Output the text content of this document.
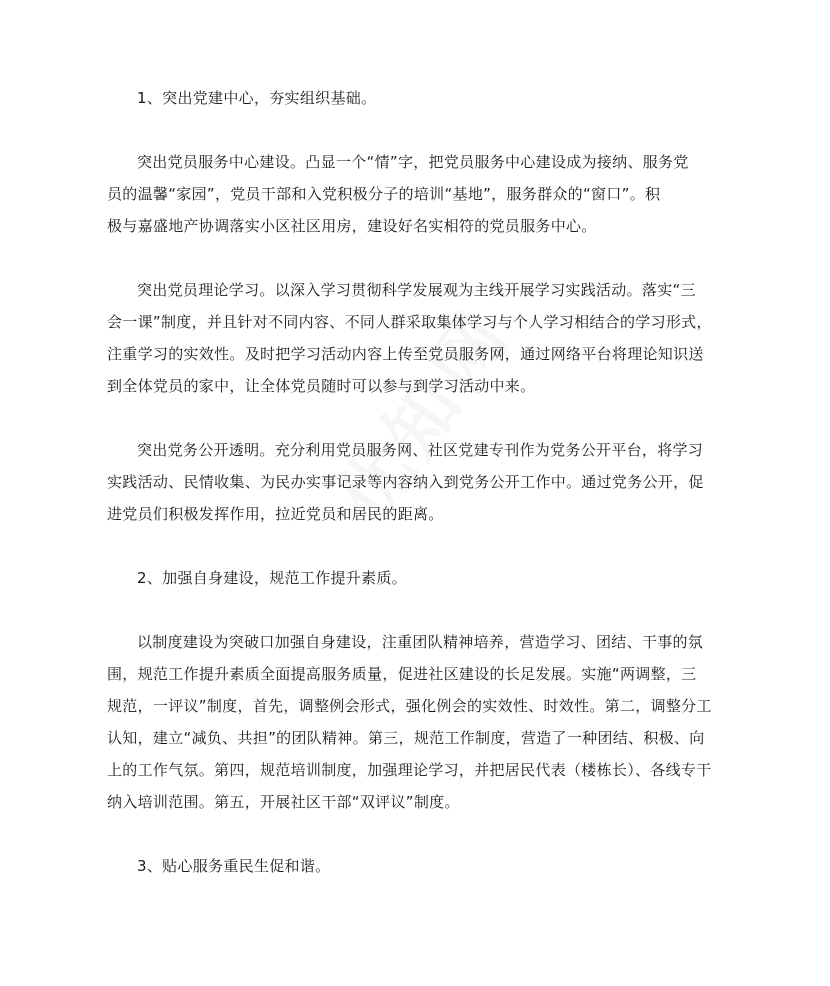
1、突出党建中心，夯实组织基础。
突出党员服务中心建设。凸显一个“情”字，把党员服务中心建设成为接纳、服务党
员的温馨“家园”，党员干部和入党积极分子的培训“基地”，服务群众的“窗口”。积
极与嘉盛地产协调落实小区社区用房，建设好名实相符的党员服务中心。
突出党员理论学习。以深入学习贯彻科学发展观为主线开展学习实践活动。落实“三
会一课”制度，并且针对不同内容、不同人群采取集体学习与个人学习相结合的学习形式，
注重学习的实效性。及时把学习活动内容上传至党员服务网，通过网络平台将理论知识送
到全体党员的家中，让全体党员随时可以参与到学习活动中来。
突出党务公开透明。充分利用党员服务网、社区党建专刊作为党务公开平台，将学习
实践活动、民情收集、为民办实事记录等内容纳入到党务公开工作中。通过党务公开，促
进党员们积极发挥作用，拉近党员和居民的距离。
2、加强自身建设，规范工作提升素质。
以制度建设为突破口加强自身建设，注重团队精神培养，营造学习、团结、干事的氛
围，规范工作提升素质全面提高服务质量，促进社区建设的长足发展。实施“两调整，三
规范，一评议”制度，首先，调整例会形式，强化例会的实效性、时效性。第二，调整分工
认知，建立“减负、共担”的团队精神。第三，规范工作制度，营造了一种团结、积极、向
上的工作气氛。第四，规范培训制度，加强理论学习，并把居民代表（楼栋长）、各线专干
纳入培训范围。第五，开展社区干部“双评议”制度。
3、贴心服务重民生促和谐。
